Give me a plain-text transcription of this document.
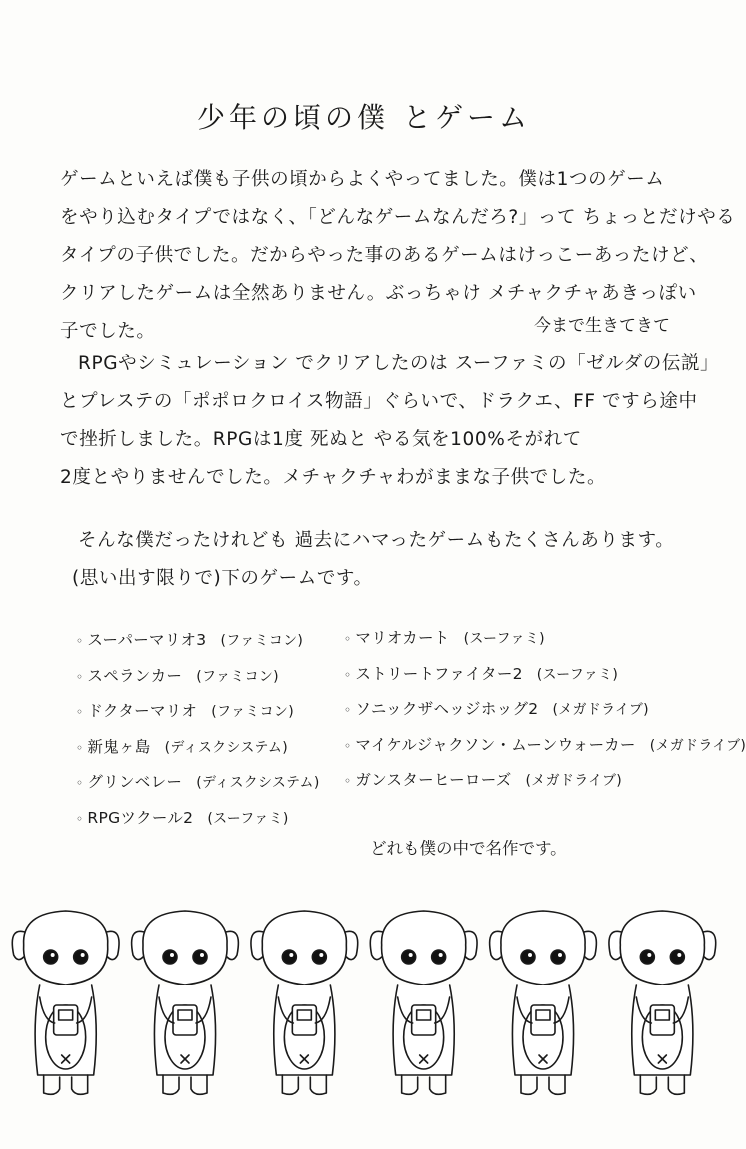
少年の頃の僕 とゲーム
ゲームといえば僕も子供の頃からよくやってました。僕は1つのゲーム
をやり込むタイプではなく、「どんなゲームなんだろ?」って ちょっとだけやる
タイプの子供でした。だからやった事のあるゲームはけっこーあったけど、
クリアしたゲームは全然ありません。ぶっちゃけ メチャクチャあきっぽい
子でした。	今まで生きてきて
RPGやシミュレーション でクリアしたのは スーファミの「ゼルダの伝説」
とプレステの「ポポロクロイス物語」ぐらいで、ドラクエ、FF ですら途中
で挫折しました。RPGは1度 死ぬと やる気を100%そがれて
2度とやりませんでした。メチャクチャわがままな子供でした。
そんな僕だったけれども 過去にハマったゲームもたくさんあります。
(思い出す限りで)下のゲームです。
◦ スーパーマリオ3 (ファミコン)
◦ スペランカー (ファミコン)
◦ ドクターマリオ (ファミコン)
◦ 新鬼ヶ島 (ディスクシステム)
◦ グリンベレー (ディスクシステム)
◦ RPGツクール2 (スーファミ)
◦ マリオカート (スーファミ)
◦ ストリートファイター2 (スーファミ)
◦ ソニックザヘッジホッグ2 (メガドライブ)
◦ マイケルジャクソン・ムーンウォーカー (メガドライブ)
◦ ガンスターヒーローズ (メガドライブ)
どれも僕の中で名作です。
